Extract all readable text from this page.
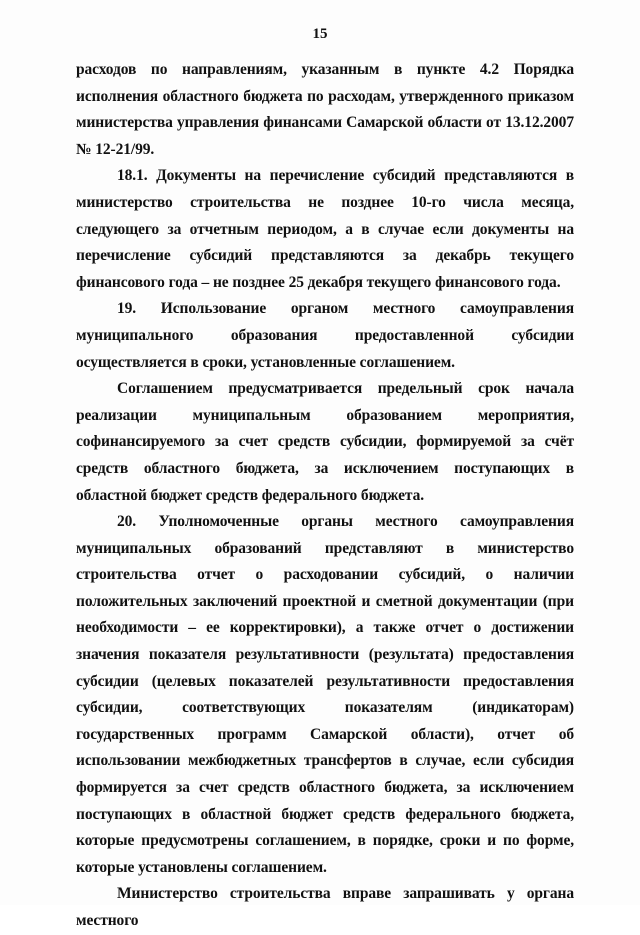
15

расходов по направлениям, указанным в пункте 4.2 Порядка исполнения областного бюджета по расходам, утвержденного приказом министерства управления финансами Самарской области от 13.12.2007 № 12-21/99.

18.1. Документы на перечисление субсидий представляются в министерство строительства не позднее 10-го числа месяца, следующего за отчетным периодом, а в случае если документы на перечисление субсидий представляются за декабрь текущего финансового года – не позднее 25 декабря текущего финансового года.

19. Использование органом местного самоуправления муниципального образования предоставленной субсидии осуществляется в сроки, установленные соглашением.

Соглашением предусматривается предельный срок начала реализации муниципальным образованием мероприятия, софинансируемого за счет средств субсидии, формируемой за счёт средств областного бюджета, за исключением поступающих в областной бюджет средств федерального бюджета.

20. Уполномоченные органы местного самоуправления муниципальных образований представляют в министерство строительства отчет о расходовании субсидий, о наличии положительных заключений проектной и сметной документации (при необходимости – ее корректировки), а также отчет о достижении значения показателя результативности (результата) предоставления субсидии (целевых показателей результативности предоставления субсидии, соответствующих показателям (индикаторам) государственных программ Самарской области), отчет об использовании межбюджетных трансфертов в случае, если субсидия формируется за счет средств областного бюджета, за исключением поступающих в областной бюджет средств федерального бюджета, которые предусмотрены соглашением, в порядке, сроки и по форме, которые установлены соглашением.

Министерство строительства вправе запрашивать у органа местного
